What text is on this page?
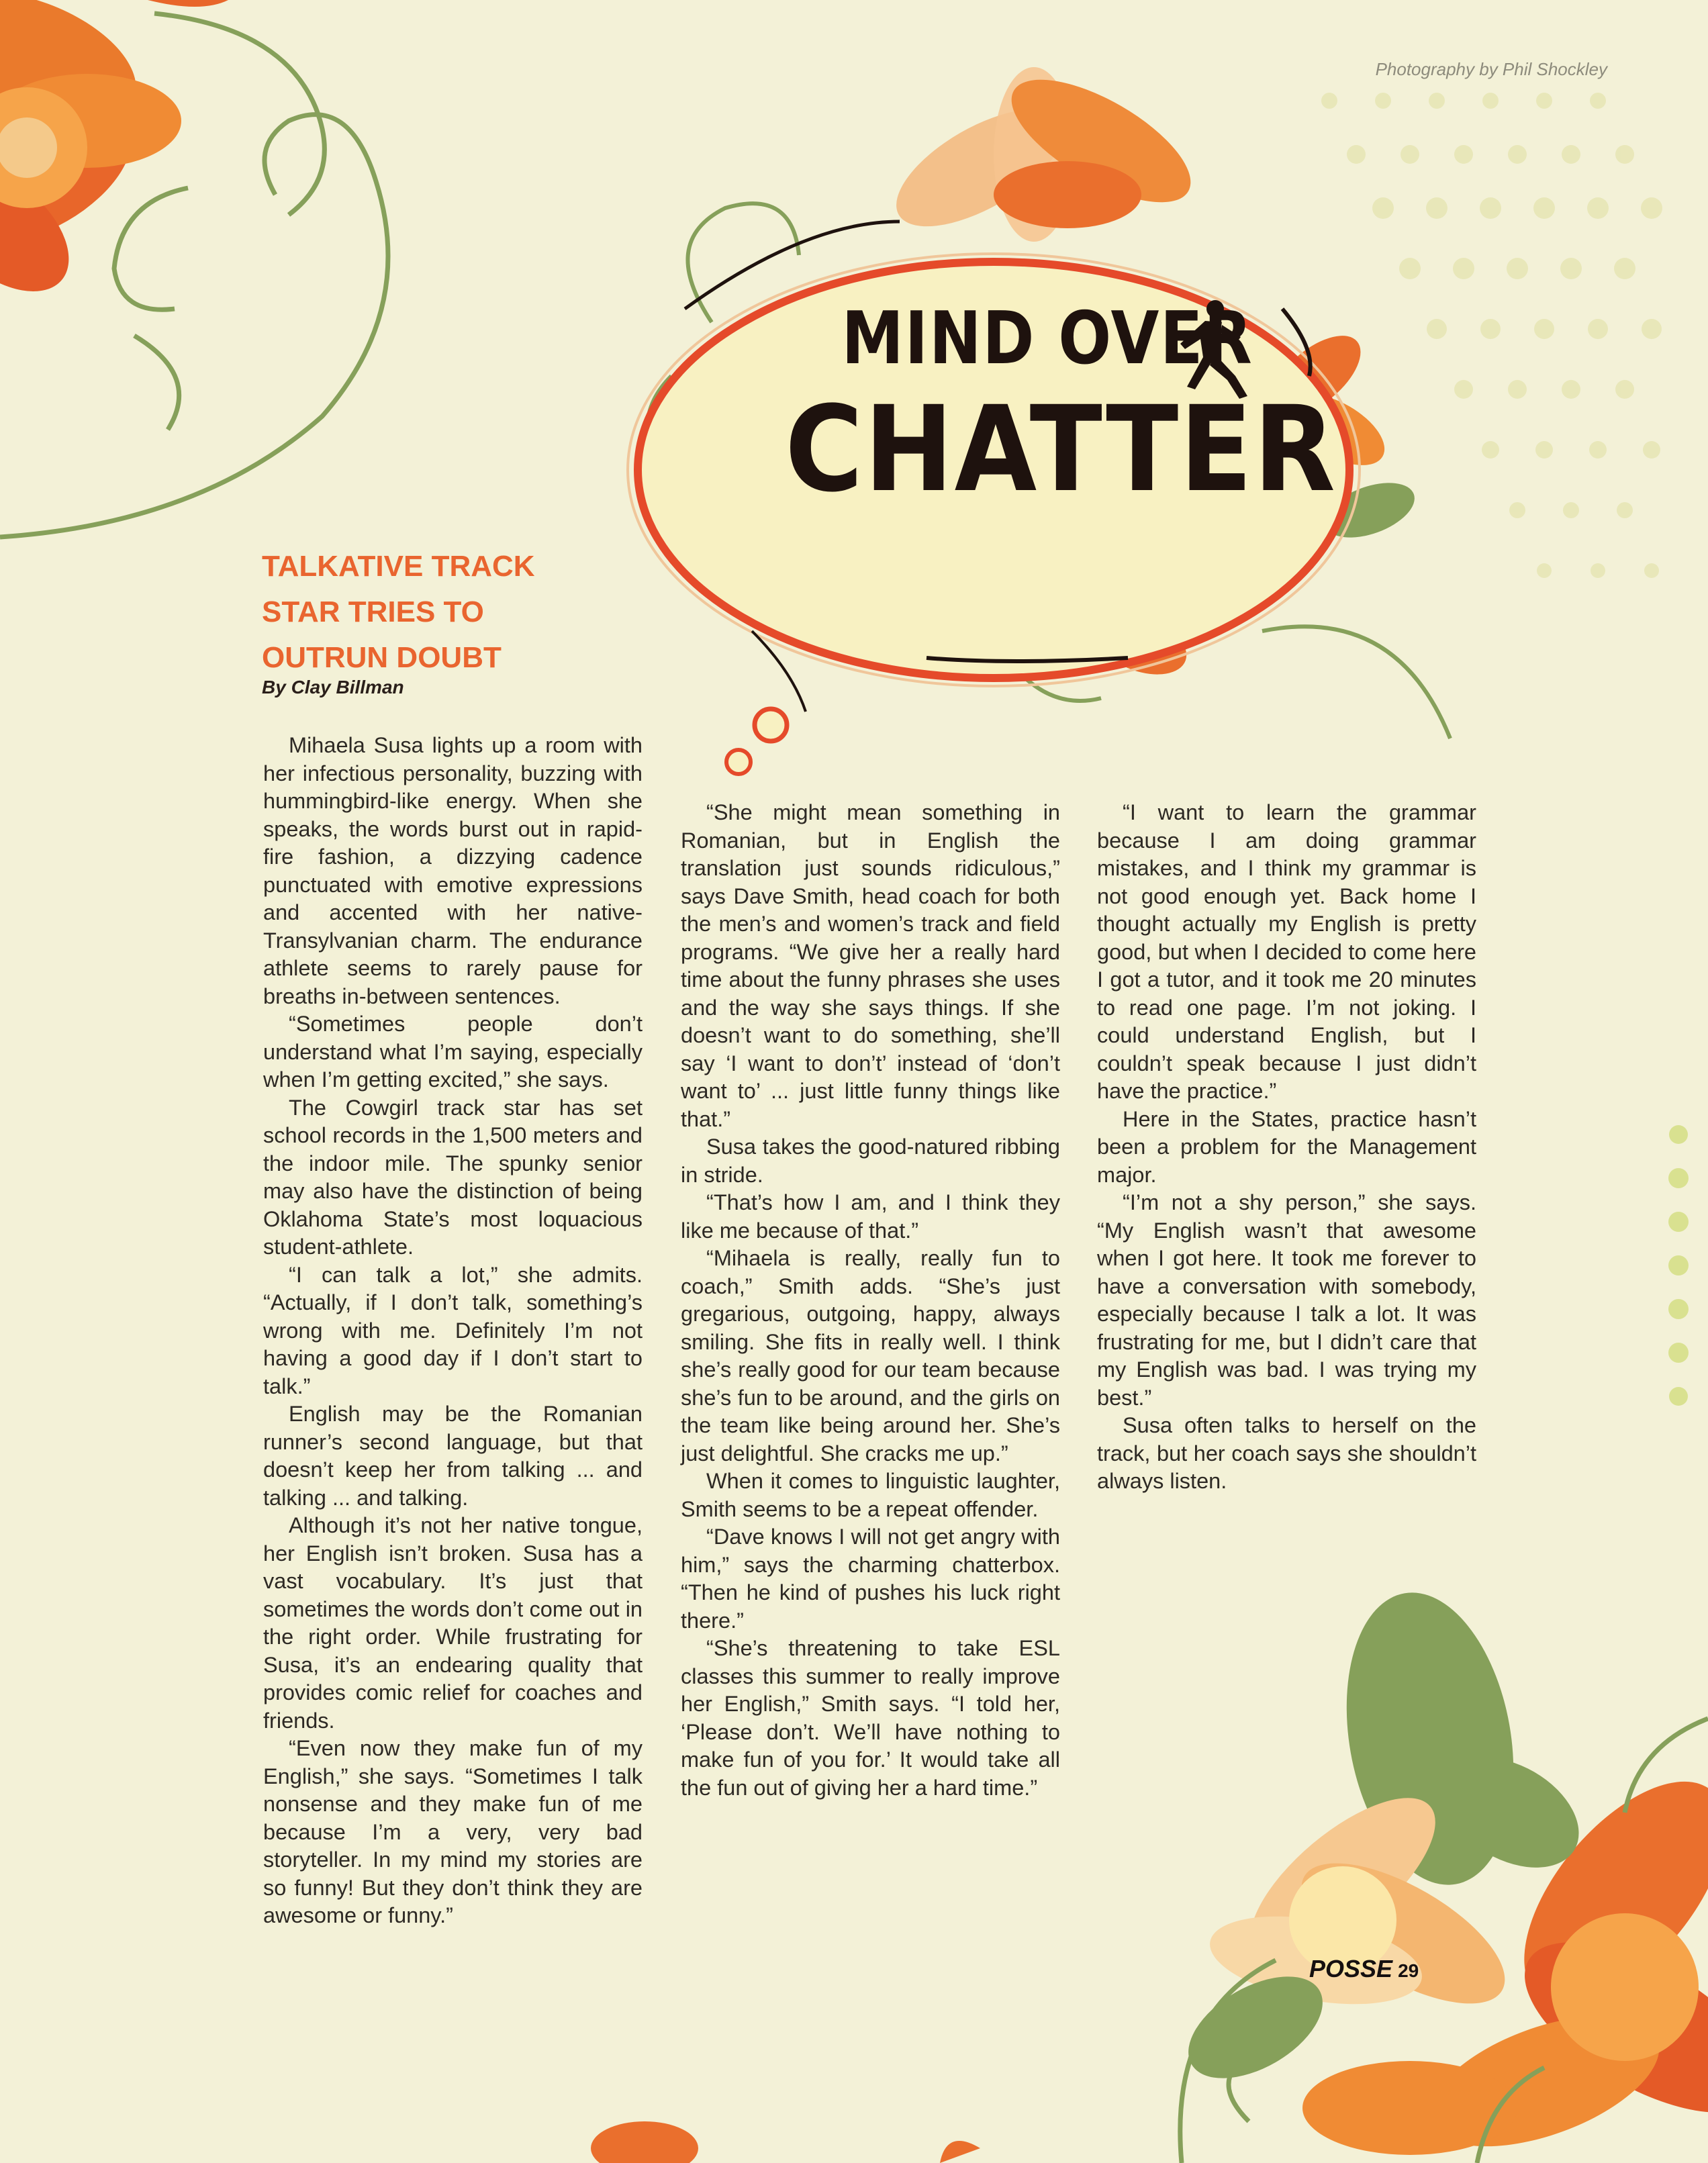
Photography by Phil Shockley
MIND OVER
CHATTER
TALKATIVE TRACK STAR TRIES TO OUTRUN DOUBT
By Clay Billman

Mihaela Susa lights up a room with her infectious personality, buzzing with hummingbird-like energy. When she speaks, the words burst out in rapid-fire fashion, a dizzying cadence punctuated with emotive expressions and accented with her native-Transylvanian charm. The endurance athlete seems to rarely pause for breaths in-between sentences.

“Sometimes people don’t understand what I’m saying, especially when I’m getting excited,” she says.

The Cowgirl track star has set school records in the 1,500 meters and the indoor mile. The spunky senior may also have the distinction of being Oklahoma State’s most loquacious student-athlete.

“I can talk a lot,” she admits. “Actually, if I don’t talk, something’s wrong with me. Definitely I’m not having a good day if I don’t start to talk.”

English may be the Romanian runner’s second language, but that doesn’t keep her from talking ... and talking ... and talking.

Although it’s not her native tongue, her English isn’t broken. Susa has a vast vocabulary. It’s just that sometimes the words don’t come out in the right order. While frustrating for Susa, it’s an endearing quality that provides comic relief for coaches and friends.

“Even now they make fun of my English,” she says. “Sometimes I talk nonsense and they make fun of me because I’m a very, very bad storyteller. In my mind my stories are so funny! But they don’t think they are awesome or funny.”

“She might mean something in Romanian, but in English the translation just sounds ridiculous,” says Dave Smith, head coach for both the men’s and women’s track and field programs. “We give her a really hard time about the funny phrases she uses and the way she says things. If she doesn’t want to do something, she’ll say ‘I want to don’t’ instead of ‘don’t want to’ ... just little funny things like that.”

Susa takes the good-natured ribbing in stride.

“That’s how I am, and I think they like me because of that.”

“Mihaela is really, really fun to coach,” Smith adds. “She’s just gregarious, outgoing, happy, always smiling. She fits in really well. I think she’s really good for our team because she’s fun to be around, and the girls on the team like being around her. She’s just delightful. She cracks me up.”

When it comes to linguistic laughter, Smith seems to be a repeat offender.

“Dave knows I will not get angry with him,” says the charming chatterbox. “Then he kind of pushes his luck right there.”

“She’s threatening to take ESL classes this summer to really improve her English,” Smith says. “I told her, ‘Please don’t. We’ll have nothing to make fun of you for.’ It would take all the fun out of giving her a hard time.”

“I want to learn the grammar because I am doing grammar mistakes, and I think my grammar is not good enough yet. Back home I thought actually my English is pretty good, but when I decided to come here I got a tutor, and it took me 20 minutes to read one page. I’m not joking. I could understand English, but I couldn’t speak because I just didn’t have the practice.”

Here in the States, practice hasn’t been a problem for the Management major.

“I’m not a shy person,” she says. “My English wasn’t that awesome when I got here. It took me forever to have a conversation with somebody, especially because I talk a lot. It was frustrating for me, but I didn’t care that my English was bad. I was trying my best.”

Susa often talks to herself on the track, but her coach says she shouldn’t always listen.

POSSE 29
